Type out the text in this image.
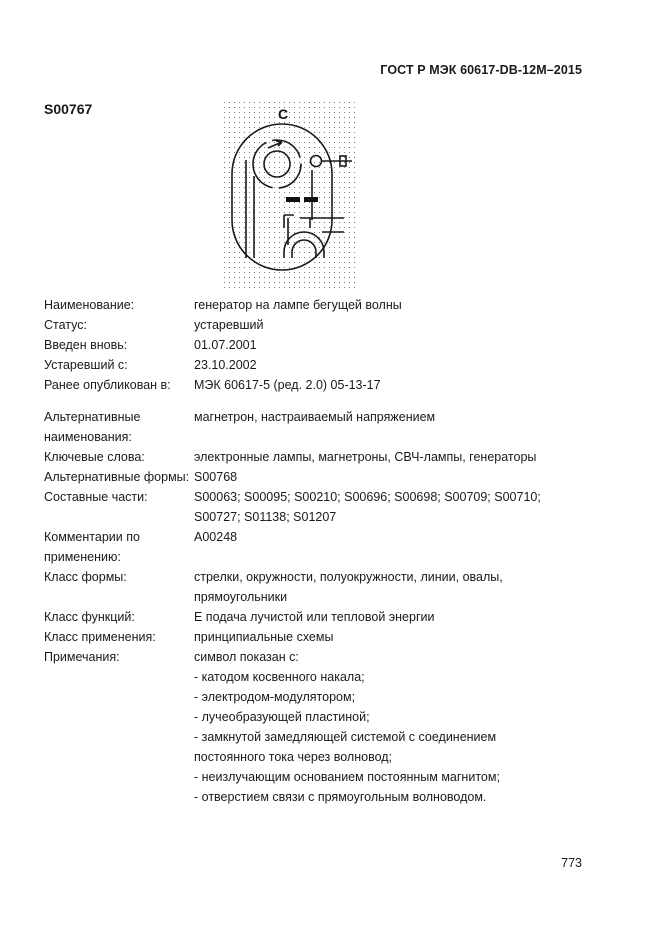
ГОСТ Р МЭК 60617-DB-12M–2015
S00767	C
Наименование:	генератор на лампе бегущей волны
Статус:	устаревший
Введен вновь:	01.07.2001
Устаревший с:	23.10.2002
Ранее опубликован в:	МЭК 60617-5 (ред. 2.0) 05-13-17
Альтернативные наименования:
магнетрон, настраиваемый напряжением
Ключевые слова:	электронные лампы, магнетроны, СВЧ-лампы, генераторы
Альтернативные формы: S00768
Составные части:	S00063; S00095; S00210; S00696; S00698; S00709; S00710; S00727; S01138; S01207
Комментарии по применению:
A00248
Класс формы:	стрелки, окружности, полуокружности, линии, овалы, прямоугольники
Класс функций:	E подача лучистой или тепловой энергии
Класс применения:	принципиальные схемы
Примечания:	символ показан с:
- катодом косвенного накала;
- электродом-модулятором;
- лучеобразующей пластиной;
- замкнутой замедляющей системой с соединением
постоянного тока через волновод;
- неизлучающим основанием постоянным магнитом;
- отверстием связи с прямоугольным волноводом.
773
